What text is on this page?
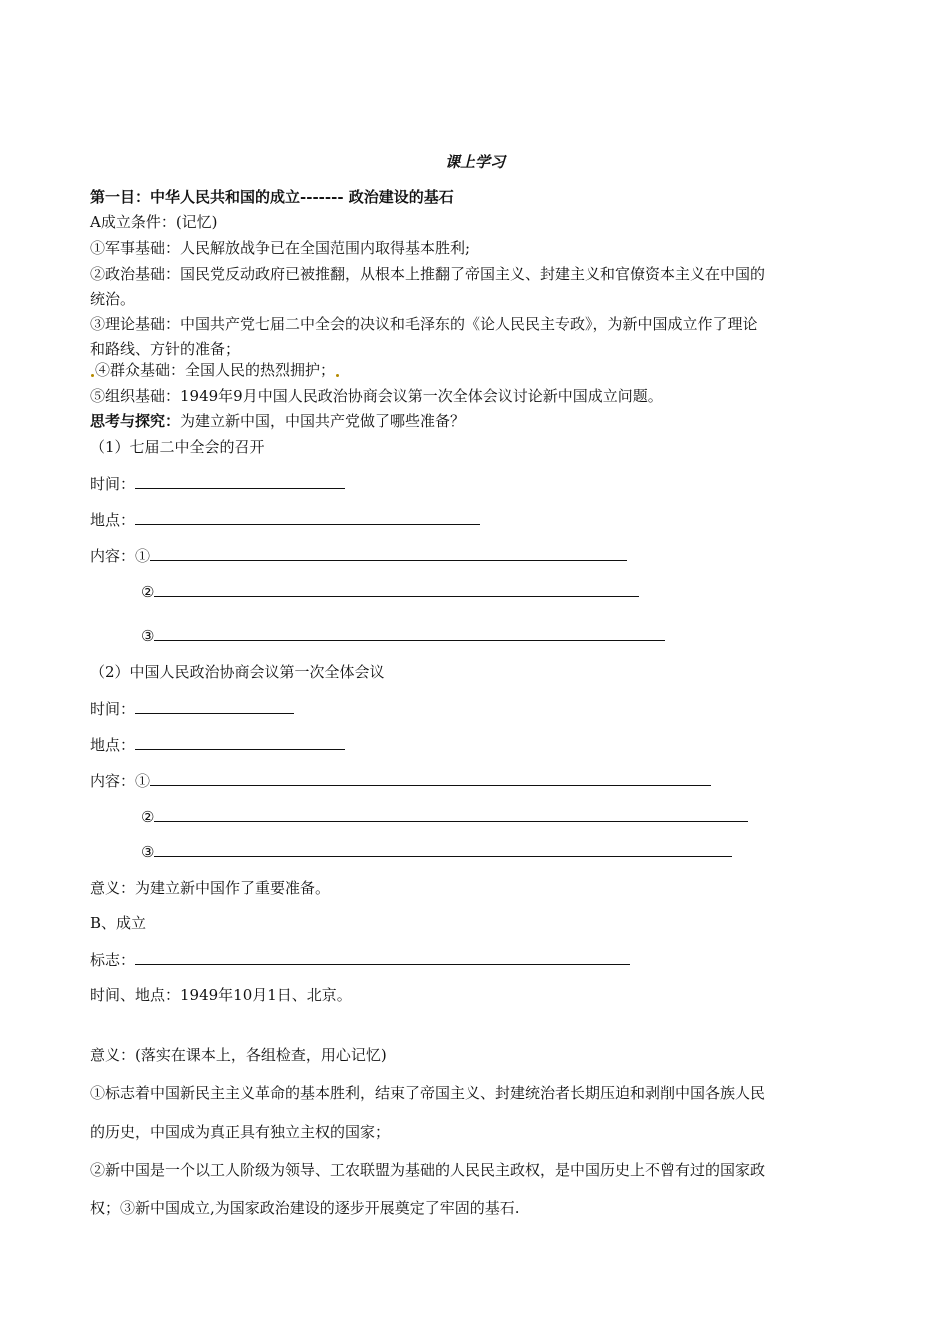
课上学习
第一目：中华人民共和国的成立------- 政治建设的基石
A成立条件：(记忆)
①军事基础：人民解放战争已在全国范围内取得基本胜利;
②政治基础：国民党反动政府已被推翻，从根本上推翻了帝国主义、封建主义和官僚资本主义在中国的
统治。
③理论基础：中国共产党七届二中全会的决议和毛泽东的《论人民民主专政》，为新中国成立作了理论
和路线、方针的准备；
④群众基础：全国人民的热烈拥护；
⑤组织基础：1949年9月中国人民政治协商会议第一次全体会议讨论新中国成立问题。
思考与探究：为建立新中国，中国共产党做了哪些准备？
（1）七届二中全会的召开
时间：
地点：
内容：①
②
③
（2）中国人民政治协商会议第一次全体会议
时间：
地点：
内容：①
②
③
意义：为建立新中国作了重要准备。
B、成立
标志：
时间、地点：1949年10月1日、北京。
意义：(落实在课本上，各组检查，用心记忆)
①标志着中国新民主主义革命的基本胜利，结束了帝国主义、封建统治者长期压迫和剥削中国各族人民
的历史，中国成为真正具有独立主权的国家；
②新中国是一个以工人阶级为领导、工农联盟为基础的人民民主政权，是中国历史上不曾有过的国家政
权；③新中国成立,为国家政治建设的逐步开展奠定了牢固的基石.
